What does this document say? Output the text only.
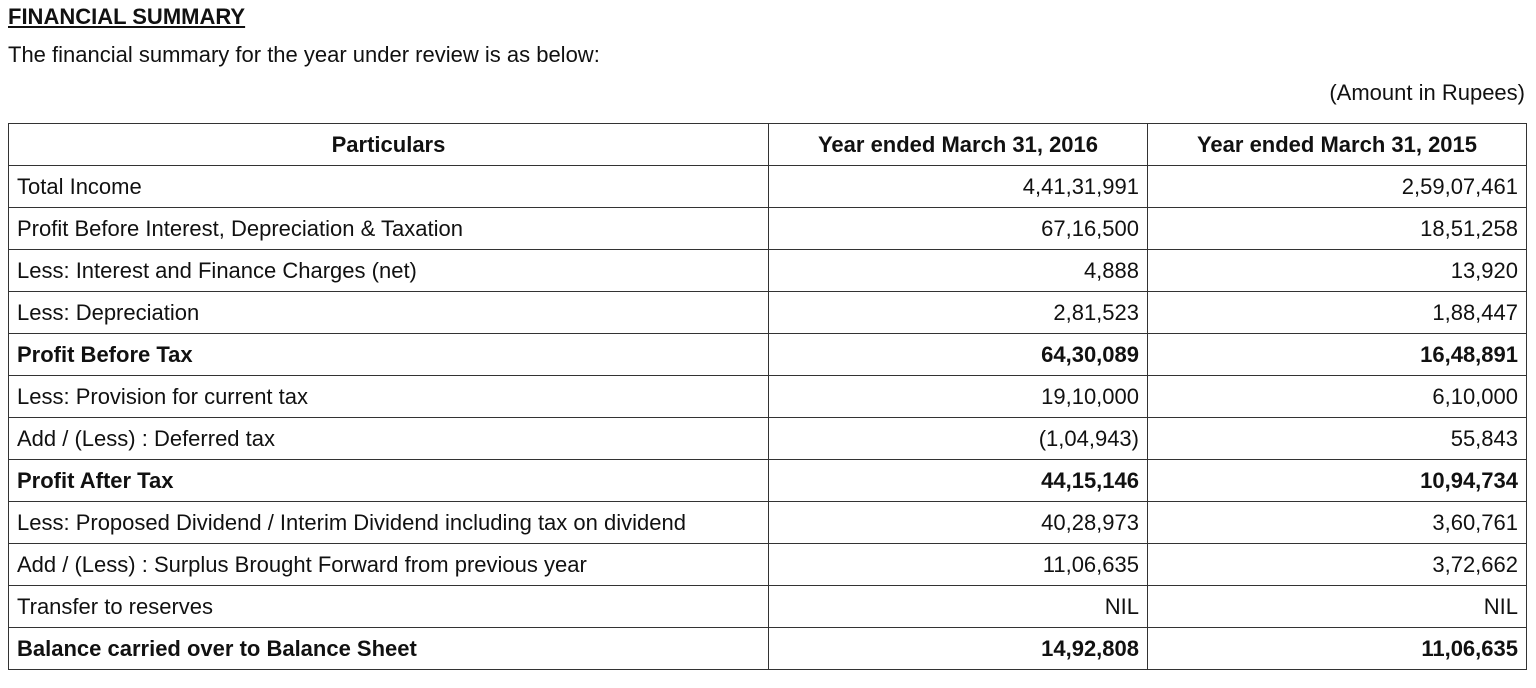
FINANCIAL SUMMARY

The financial summary for the year under review is as below:

(Amount in Rupees)

Particulars	Year ended March 31, 2016	Year ended March 31, 2015
Total Income	4,41,31,991	2,59,07,461
Profit Before Interest, Depreciation & Taxation	67,16,500	18,51,258
Less: Interest and Finance Charges (net)	4,888	13,920
Less: Depreciation	2,81,523	1,88,447
Profit Before Tax	64,30,089	16,48,891
Less: Provision for current tax	19,10,000	6,10,000
Add / (Less) : Deferred tax	(1,04,943)	55,843
Profit After Tax	44,15,146	10,94,734
Less: Proposed Dividend / Interim Dividend including tax on dividend	40,28,973	3,60,761
Add / (Less) : Surplus Brought Forward from previous year	11,06,635	3,72,662
Transfer to reserves	NIL	NIL
Balance carried over to Balance Sheet	14,92,808	11,06,635
